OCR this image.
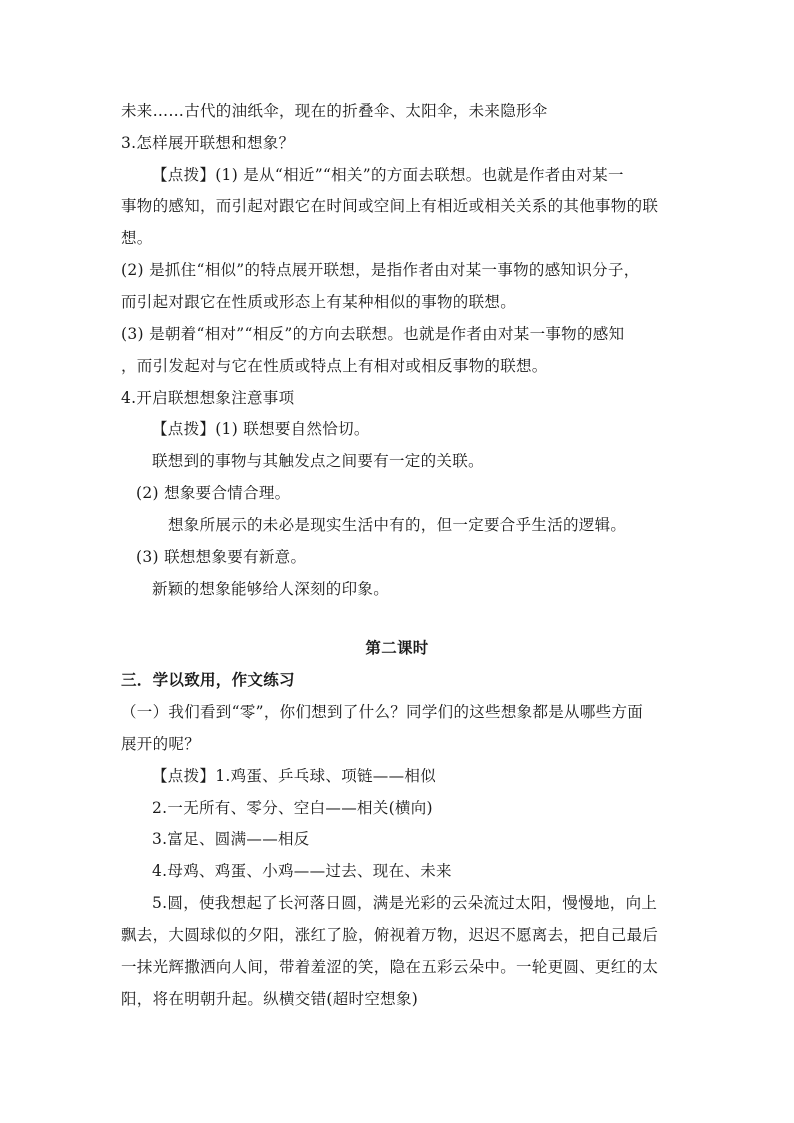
未来……古代的油纸伞，现在的折叠伞、太阳伞，未来隐形伞
3.怎样展开联想和想象？
【点拨】(1) 是从“相近”“相关”的方面去联想。也就是作者由对某一
事物的感知，而引起对跟它在时间或空间上有相近或相关关系的其他事物的联
想。
(2) 是抓住“相似”的特点展开联想，是指作者由对某一事物的感知识分子，
而引起对跟它在性质或形态上有某种相似的事物的联想。
(3) 是朝着“相对”“相反”的方向去联想。也就是作者由对某一事物的感知
，而引发起对与它在性质或特点上有相对或相反事物的联想。
4.开启联想想象注意事项
【点拨】(1) 联想要自然恰切。
联想到的事物与其触发点之间要有一定的关联。
(2) 想象要合情合理。
想象所展示的未必是现实生活中有的，但一定要合乎生活的逻辑。
(3) 联想想象要有新意。
新颖的想象能够给人深刻的印象。
第二课时
三．学以致用，作文练习
（一）我们看到“零”，你们想到了什么？同学们的这些想象都是从哪些方面
展开的呢？
【点拨】1.鸡蛋、乒乓球、项链——相似
2.一无所有、零分、空白——相关(横向)
3.富足、圆满——相反
4.母鸡、鸡蛋、小鸡——过去、现在、未来
5.圆，使我想起了长河落日圆，满是光彩的云朵流过太阳，慢慢地，向上
飘去，大圆球似的夕阳，涨红了脸，俯视着万物，迟迟不愿离去，把自己最后
一抹光辉撒洒向人间，带着羞涩的笑，隐在五彩云朵中。一轮更圆、更红的太
阳，将在明朝升起。纵横交错(超时空想象)
